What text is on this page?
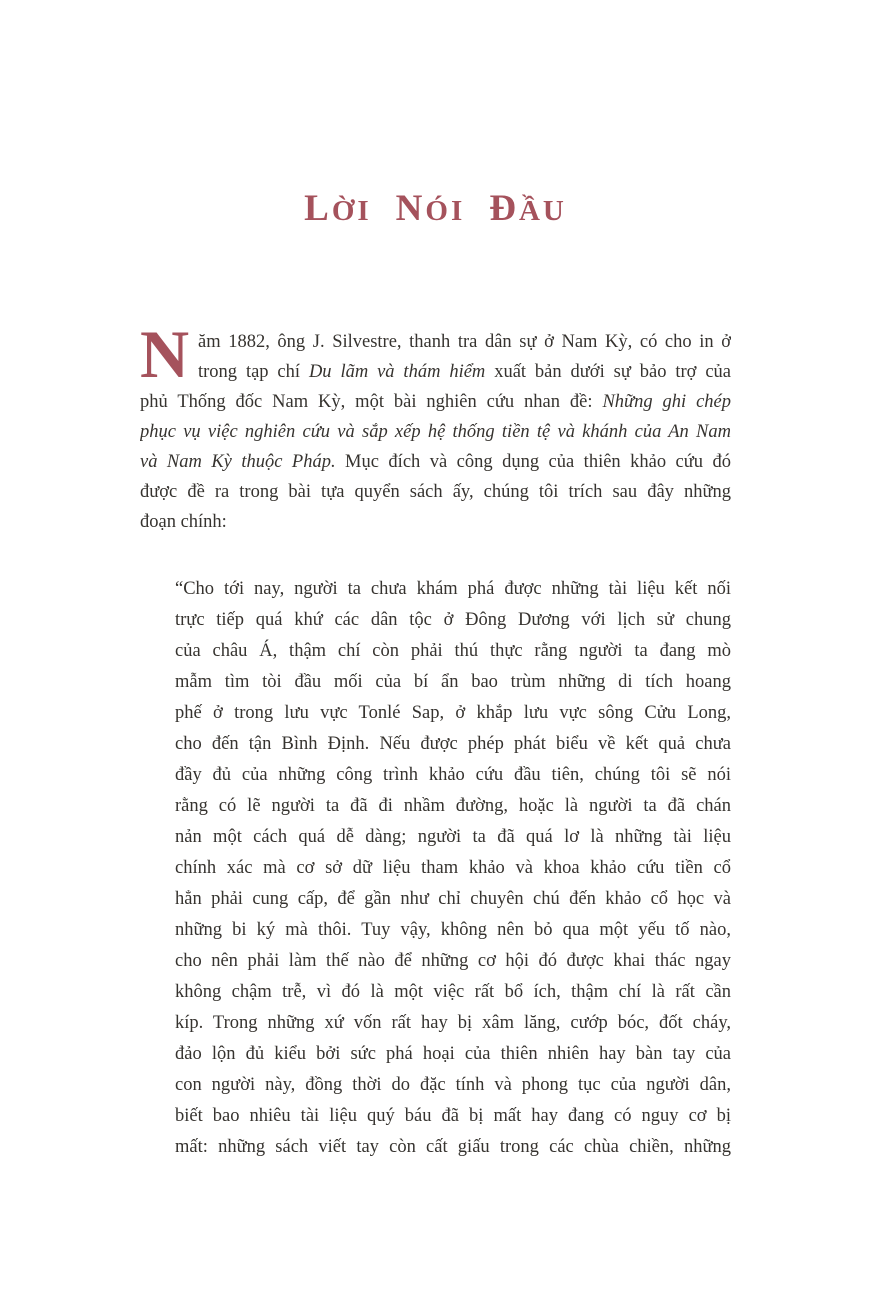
LỜI NÓI ĐẦU
N ăm 1882, ông J. Silvestre, thanh tra dân sự ở Nam Kỳ, có cho in ở
trong tạp chí Du lãm và thám hiểm xuất bản dưới sự bảo trợ của
phủ Thống đốc Nam Kỳ, một bài nghiên cứu nhan đề: Những ghi chép
phục vụ việc nghiên cứu và sắp xếp hệ thống tiền tệ và khánh của An Nam
và Nam Kỳ thuộc Pháp. Mục đích và công dụng của thiên khảo cứu đó
được đề ra trong bài tựa quyển sách ấy, chúng tôi trích sau đây những
đoạn chính:
“Cho tới nay, người ta chưa khám phá được những tài liệu kết nối
trực tiếp quá khứ các dân tộc ở Đông Dương với lịch sử chung
của châu Á, thậm chí còn phải thú thực rằng người ta đang mò
mẫm tìm tòi đầu mối của bí ẩn bao trùm những di tích hoang
phế ở trong lưu vực Tonlé Sap, ở khắp lưu vực sông Cửu Long,
cho đến tận Bình Định. Nếu được phép phát biểu về kết quả chưa
đầy đủ của những công trình khảo cứu đầu tiên, chúng tôi sẽ nói
rằng có lẽ người ta đã đi nhầm đường, hoặc là người ta đã chán
nản một cách quá dễ dàng; người ta đã quá lơ là những tài liệu
chính xác mà cơ sở dữ liệu tham khảo và khoa khảo cứu tiền cổ
hẳn phải cung cấp, để gần như chỉ chuyên chú đến khảo cổ học và
những bi ký mà thôi. Tuy vậy, không nên bỏ qua một yếu tố nào,
cho nên phải làm thế nào để những cơ hội đó được khai thác ngay
không chậm trễ, vì đó là một việc rất bổ ích, thậm chí là rất cần
kíp. Trong những xứ vốn rất hay bị xâm lăng, cướp bóc, đốt cháy,
đảo lộn đủ kiểu bởi sức phá hoại của thiên nhiên hay bàn tay của
con người này, đồng thời do đặc tính và phong tục của người dân,
biết bao nhiêu tài liệu quý báu đã bị mất hay đang có nguy cơ bị
mất: những sách viết tay còn cất giấu trong các chùa chiền, những
